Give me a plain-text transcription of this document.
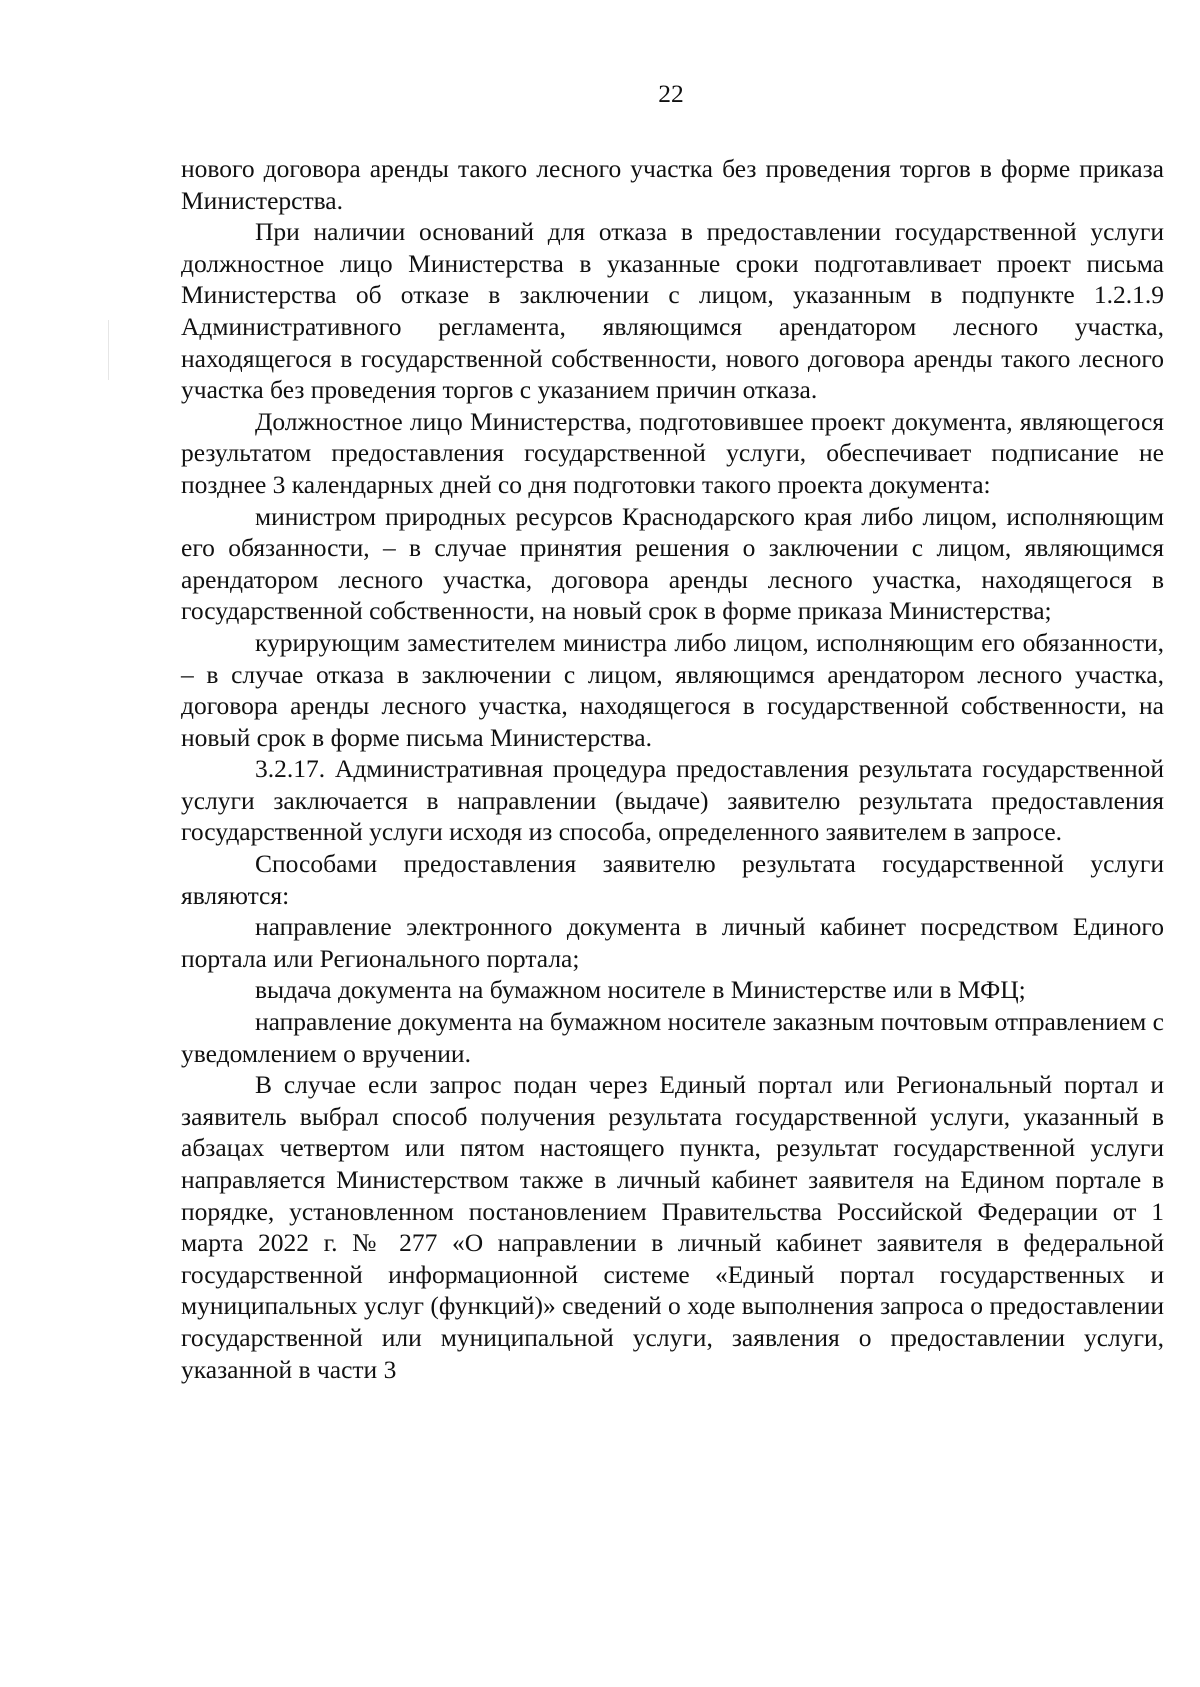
22

нового договора аренды такого лесного участка без проведения торгов в форме приказа Министерства.

При наличии оснований для отказа в предоставлении государственной услуги должностное лицо Министерства в указанные сроки подготавливает проект письма Министерства об отказе в заключении с лицом, указанным в подпункте 1.2.1.9 Административного регламента, являющимся арендатором лесного участка, находящегося в государственной собственности, нового договора аренды такого лесного участка без проведения торгов с указанием причин отказа.

Должностное лицо Министерства, подготовившее проект документа, являющегося результатом предоставления государственной услуги, обеспечивает подписание не позднее 3 календарных дней со дня подготовки такого проекта документа:

министром природных ресурсов Краснодарского края либо лицом, исполняющим его обязанности, – в случае принятия решения о заключении с лицом, являющимся арендатором лесного участка, договора аренды лесного участка, находящегося в государственной собственности, на новый срок в форме приказа Министерства;

курирующим заместителем министра либо лицом, исполняющим его обязанности, – в случае отказа в заключении с лицом, являющимся арендатором лесного участка, договора аренды лесного участка, находящегося в государственной собственности, на новый срок в форме письма Министерства.

3.2.17. Административная процедура предоставления результата государственной услуги заключается в направлении (выдаче) заявителю результата предоставления государственной услуги исходя из способа, определенного заявителем в запросе.

Способами предоставления заявителю результата государственной услуги являются:

направление электронного документа в личный кабинет посредством Единого портала или Регионального портала;

выдача документа на бумажном носителе в Министерстве или в МФЦ;

направление документа на бумажном носителе заказным почтовым отправлением с уведомлением о вручении.

В случае если запрос подан через Единый портал или Региональный портал и заявитель выбрал способ получения результата государственной услуги, указанный в абзацах четвертом или пятом настоящего пункта, результат государственной услуги направляется Министерством также в личный кабинет заявителя на Едином портале в порядке, установленном постановлением Правительства Российской Федерации от 1 марта 2022 г. № 277 «О направлении в личный кабинет заявителя в федеральной государственной информационной системе «Единый портал государственных и муниципальных услуг (функций)» сведений о ходе выполнения запроса о предоставлении государственной или муниципальной услуги, заявления о предоставлении услуги, указанной в части 3
